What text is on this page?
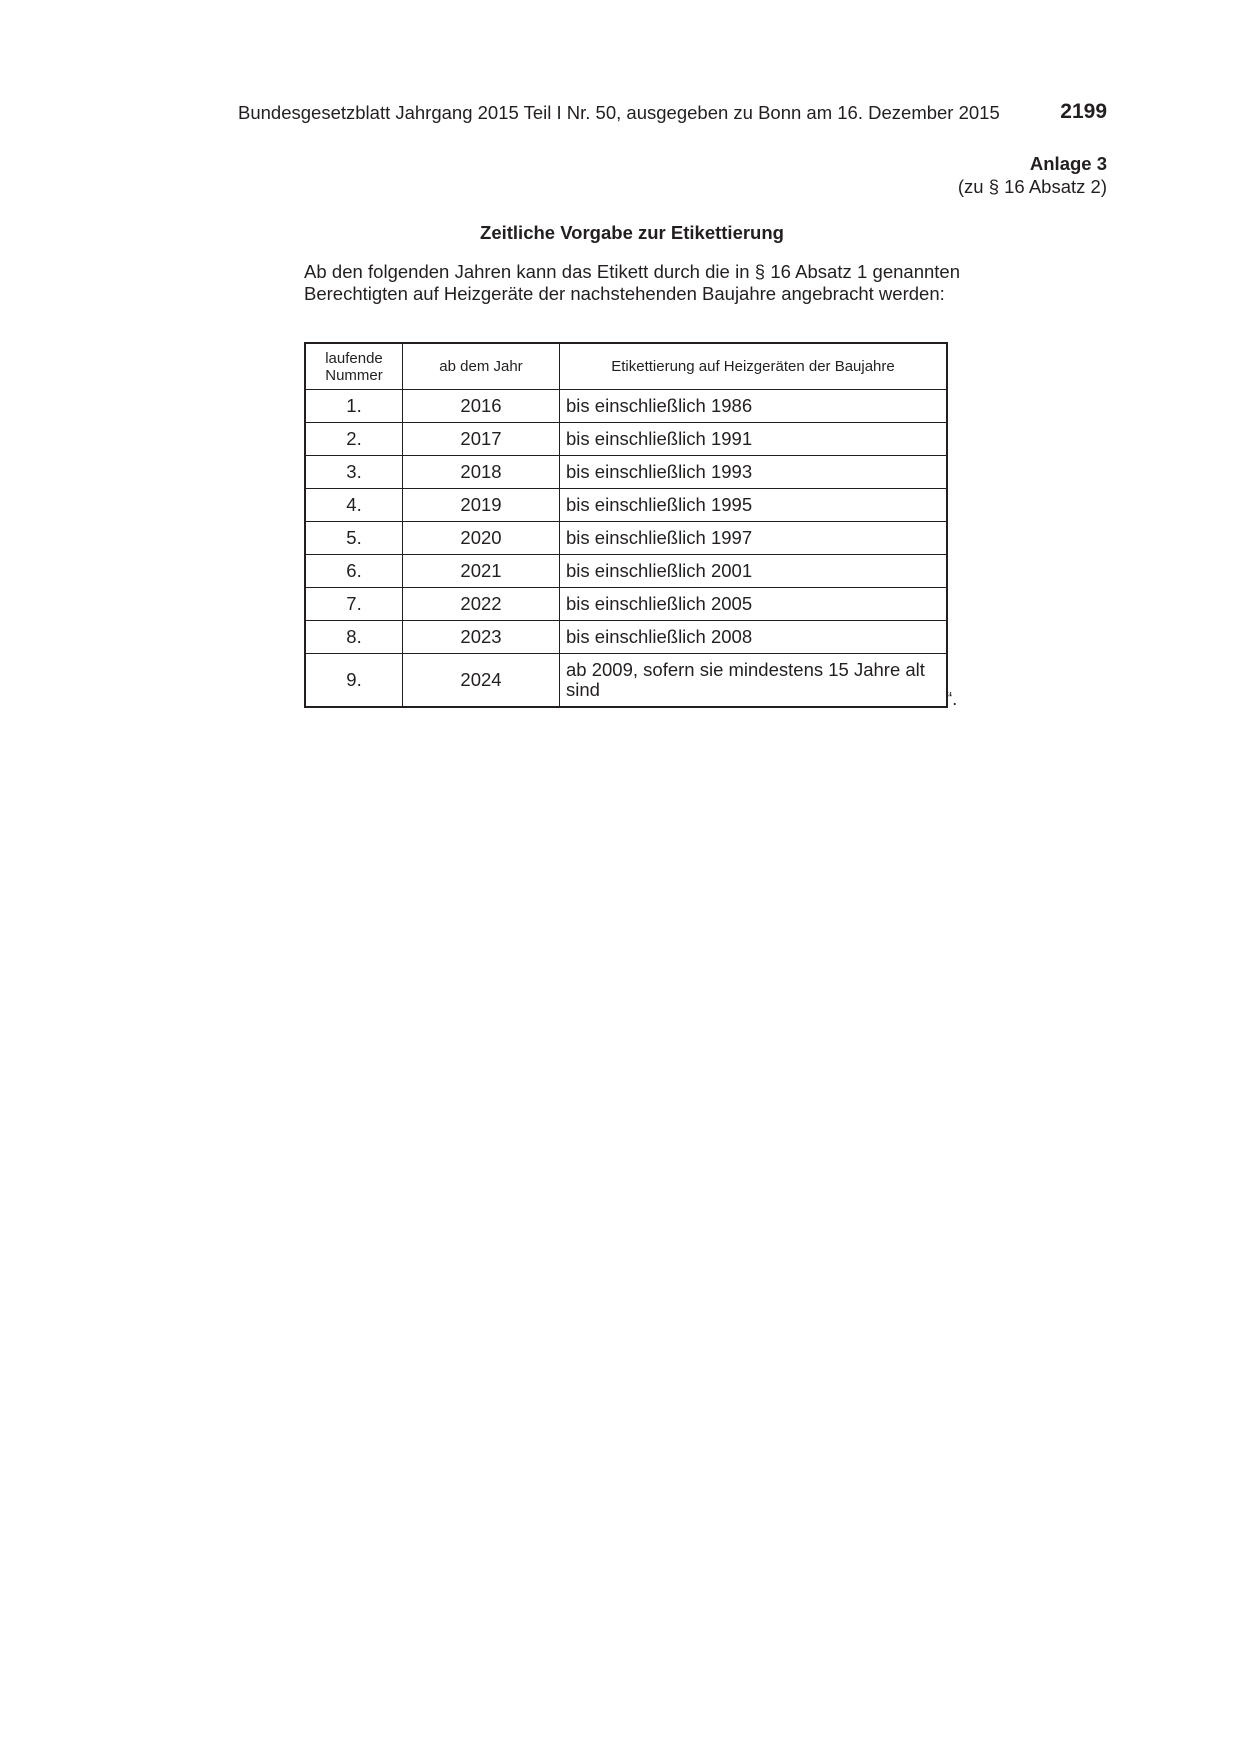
Bundesgesetzblatt Jahrgang 2015 Teil I Nr. 50, ausgegeben zu Bonn am 16. Dezember 2015	2199
Anlage 3
(zu § 16 Absatz 2)
Zeitliche Vorgabe zur Etikettierung

Ab den folgenden Jahren kann das Etikett durch die in § 16 Absatz 1 genannten Berechtigten auf Heizgeräte der nachstehenden Baujahre angebracht werden:

laufende Nummer	ab dem Jahr	Etikettierung auf Heizgeräten der Baujahre
1.	2016	bis einschließlich 1986
2.	2017	bis einschließlich 1991
3.	2018	bis einschließlich 1993
4.	2019	bis einschließlich 1995
5.	2020	bis einschließlich 1997
6.	2021	bis einschließlich 2001
7.	2022	bis einschließlich 2005
8.	2023	bis einschließlich 2008
9.	2024	ab 2009, sofern sie mindestens 15 Jahre alt sind	“.
